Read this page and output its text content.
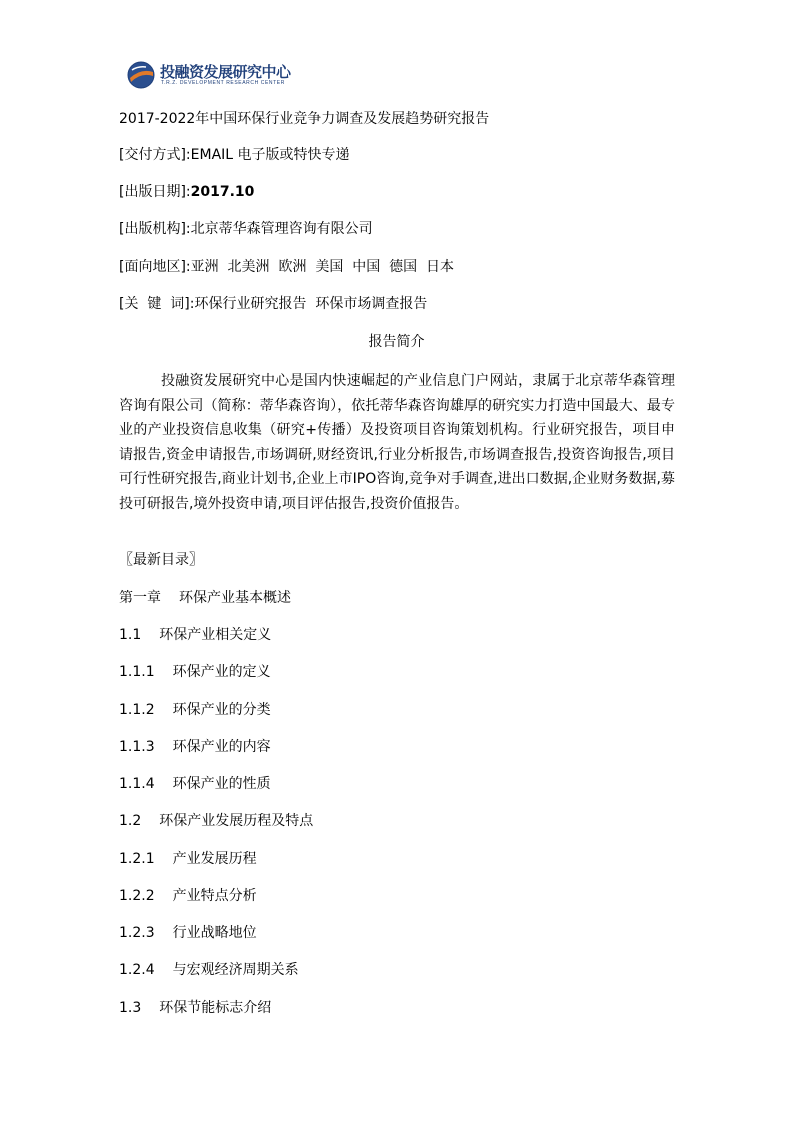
投融资发展研究中心
T.R.Z. DEVELOPMENT RESEARCH CENTER
2017-2022年中国环保行业竞争力调查及发展趋势研究报告
[交付方式]:EMAIL 电子版或特快专递
[出版日期]:2017.10
[出版机构]:北京蒂华森管理咨询有限公司
[面向地区]:亚洲  北美洲  欧洲  美国  中国  德国  日本
[关  键  词]:环保行业研究报告  环保市场调查报告
报告简介
投融资发展研究中心是国内快速崛起的产业信息门户网站，隶属于北京蒂华森管理咨询有限公司（简称：蒂华森咨询），依托蒂华森咨询雄厚的研究实力打造中国最大、最专业的产业投资信息收集（研究+传播）及投资项目咨询策划机构。行业研究报告，项目申请报告,资金申请报告,市场调研,财经资讯,行业分析报告,市场调查报告,投资咨询报告,项目可行性研究报告,商业计划书,企业上市IPO咨询,竞争对手调查,进出口数据,企业财务数据,募投可研报告,境外投资申请,项目评估报告,投资价值报告。
〖最新目录〗
第一章 环保产业基本概述
1.1 环保产业相关定义
1.1.1 环保产业的定义
1.1.2 环保产业的分类
1.1.3 环保产业的内容
1.1.4 环保产业的性质
1.2 环保产业发展历程及特点
1.2.1 产业发展历程
1.2.2 产业特点分析
1.2.3 行业战略地位
1.2.4 与宏观经济周期关系
1.3 环保节能标志介绍
